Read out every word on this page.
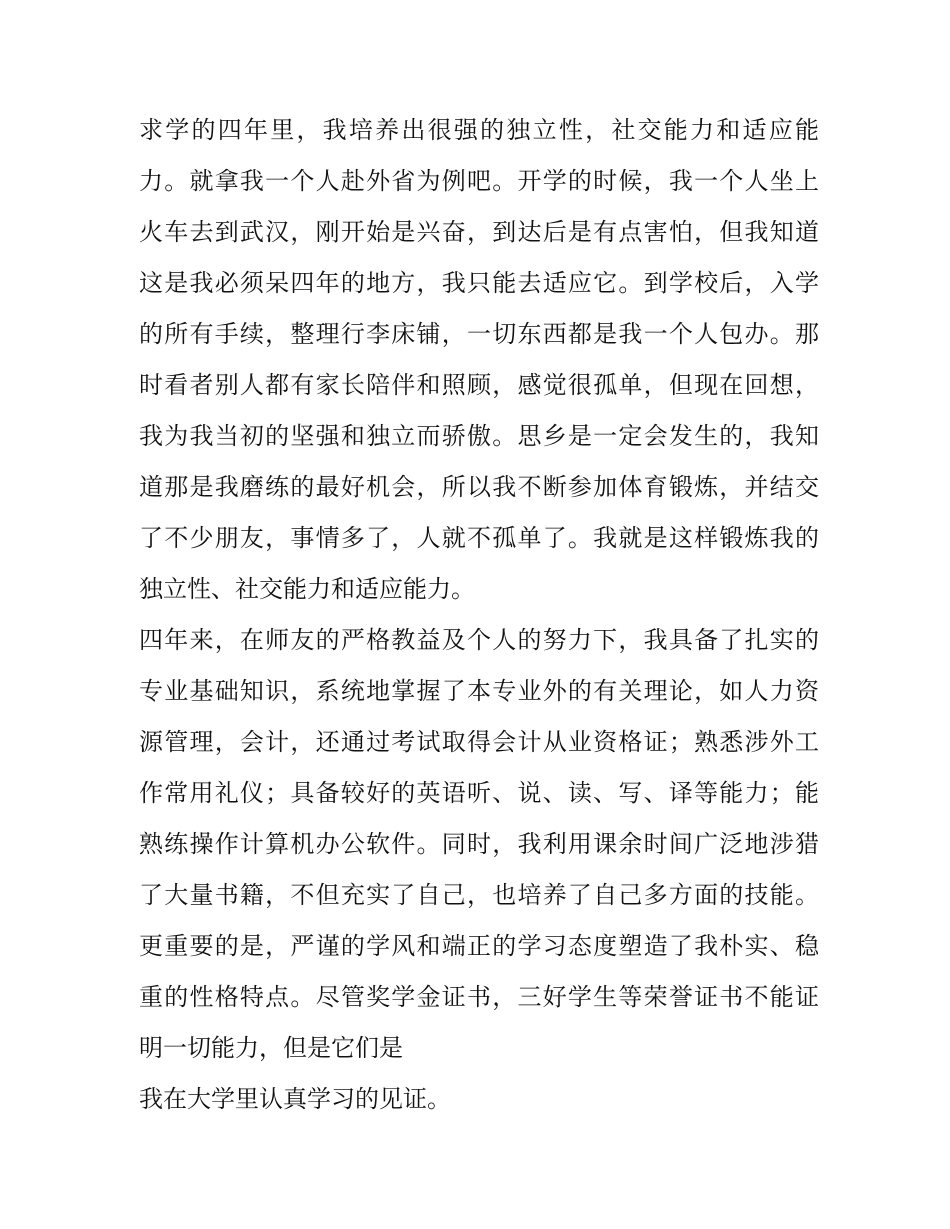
求学的四年里，我培养出很强的独立性，社交能力和适应能
力。就拿我一个人赴外省为例吧。开学的时候，我一个人坐上
火车去到武汉，刚开始是兴奋，到达后是有点害怕，但我知道
这是我必须呆四年的地方，我只能去适应它。到学校后，入学
的所有手续，整理行李床铺，一切东西都是我一个人包办。那
时看者别人都有家长陪伴和照顾，感觉很孤单，但现在回想，
我为我当初的坚强和独立而骄傲。思乡是一定会发生的，我知
道那是我磨练的最好机会，所以我不断参加体育锻炼，并结交
了不少朋友，事情多了，人就不孤单了。我就是这样锻炼我的
独立性、社交能力和适应能力。
四年来，在师友的严格教益及个人的努力下，我具备了扎实的
专业基础知识，系统地掌握了本专业外的有关理论，如人力资
源管理，会计，还通过考试取得会计从业资格证；熟悉涉外工
作常用礼仪；具备较好的英语听、说、读、写、译等能力；能
熟练操作计算机办公软件。同时，我利用课余时间广泛地涉猎
了大量书籍，不但充实了自己，也培养了自己多方面的技能。
更重要的是，严谨的学风和端正的学习态度塑造了我朴实、稳
重的性格特点。尽管奖学金证书，三好学生等荣誉证书不能证
明一切能力，但是它们是
我在大学里认真学习的见证。
